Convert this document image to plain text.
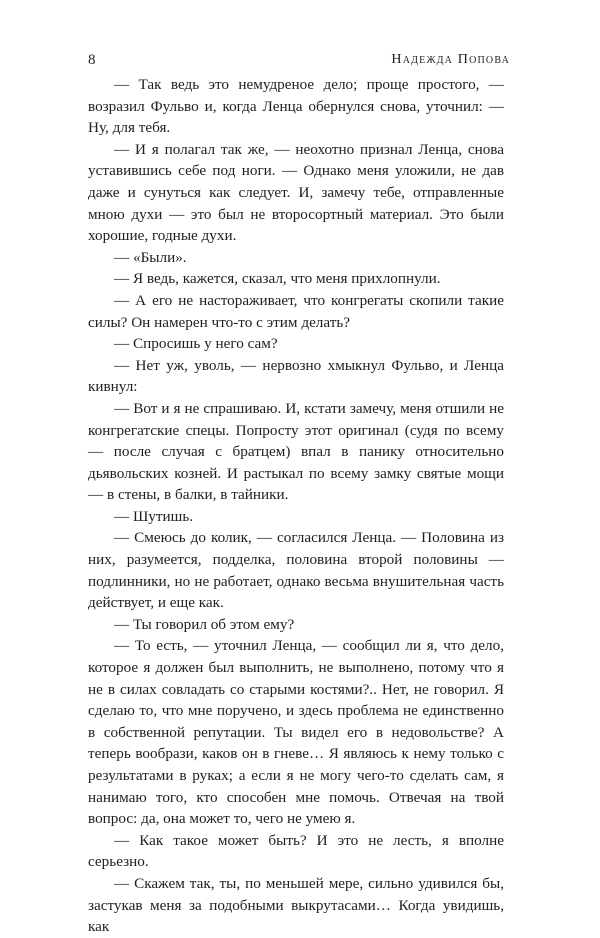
8	Надежда Попова

— Так ведь это немудреное дело; проще простого, — возразил Фульво и, когда Ленца обернулся снова, уточнил: — Ну, для тебя.

— И я полагал так же, — неохотно признал Ленца, снова уставившись себе под ноги. — Однако меня уложили, не дав даже и сунуться как следует. И, замечу тебе, отправленные мною духи — это был не второсортный материал. Это были хорошие, годные духи.

— «Были».

— Я ведь, кажется, сказал, что меня прихлопнули.

— А его не настораживает, что конгрегаты скопили такие силы? Он намерен что-то с этим делать?

— Спросишь у него сам?

— Нет уж, уволь, — нервозно хмыкнул Фульво, и Ленца кивнул:

— Вот и я не спрашиваю. И, кстати замечу, меня отшили не конгрегатские спецы. Попросту этот оригинал (судя по всему — после случая с братцем) впал в панику относительно дьявольских козней. И растыкал по всему замку святые мощи — в стены, в балки, в тайники.

— Шутишь.

— Смеюсь до колик, — согласился Ленца. — Половина из них, разумеется, подделка, половина второй половины — подлинники, но не работает, однако весьма внушительная часть действует, и еще как.

— Ты говорил об этом ему?

— То есть, — уточнил Ленца, — сообщил ли я, что дело, которое я должен был выполнить, не выполнено, потому что я не в силах совладать со старыми костями?.. Нет, не говорил. Я сделаю то, что мне поручено, и здесь проблема не единственно в собственной репутации. Ты видел его в недовольстве? А теперь вообрази, каков он в гневе… Я являюсь к нему только с результатами в руках; а если я не могу чего-то сделать сам, я нанимаю того, кто способен мне помочь. Отвечая на твой вопрос: да, она может то, чего не умею я.

— Как такое может быть? И это не лесть, я вполне серьезно.

— Скажем так, ты, по меньшей мере, сильно удивился бы, застукав меня за подобными выкрутасами… Когда увидишь, как
